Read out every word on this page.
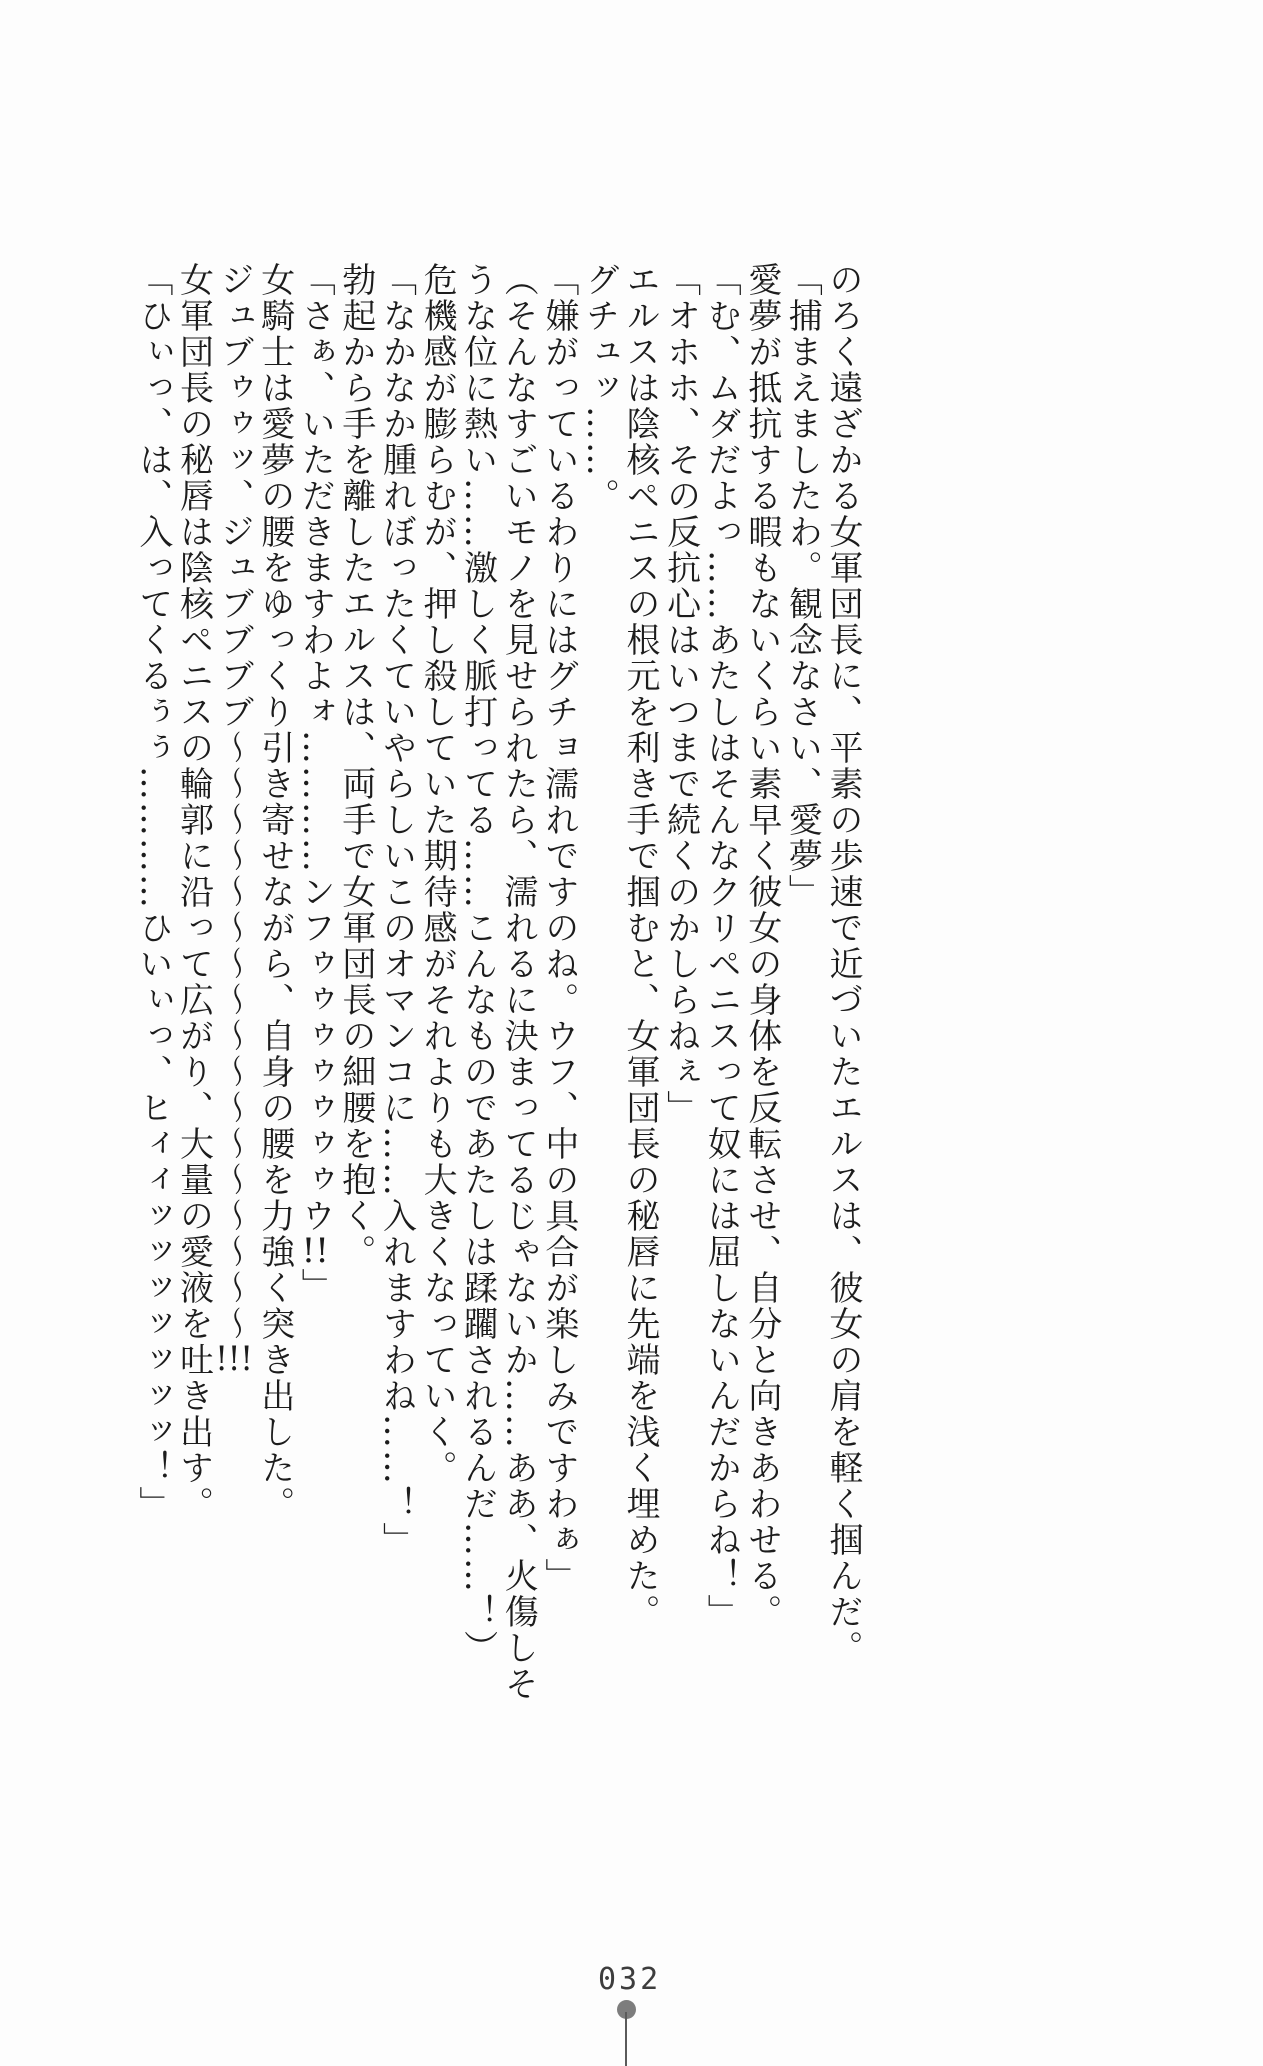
のろく遠ざかる女軍団長に、平素の歩速で近づいたエルスは、彼女の肩を軽く掴んだ。

「捕まえましたわ。観念なさい、愛夢」

愛夢が抵抗する暇もないくらい素早く彼女の身体を反転させ、自分と向きあわせる。

「む、ムダだよっ……あたしはそんなクリペニスって奴には屈しないんだからね！」

「オホホ、その反抗心はいつまで続くのかしらねぇ」

エルスは陰核ペニスの根元を利き手で掴むと、女軍団長の秘唇に先端を浅く埋めた。

グチュッ……。

「嫌がっているわりにはグチョ濡れですのね。ウフ、中の具合が楽しみですわぁ」

（そんなすごいモノを見せられたら、濡れるに決まってるじゃないか……ああ、火傷しそ

うな位に熱い……激しく脈打ってる……こんなものであたしは蹂躙されるんだ……！）

危機感が膨らむが、押し殺していた期待感がそれよりも大きくなっていく。

「なかなか腫れぼったくていやらしいこのオマンコに……入れますわね……！」

勃起から手を離したエルスは、両手で女軍団長の細腰を抱く。

「さぁ、いただきますわよォ…………ンフゥゥゥゥゥゥゥウ!!」

女騎士は愛夢の腰をゆっくり引き寄せながら、自身の腰を力強く突き出した。

ジュブゥゥッ、ジュブブブブ〜〜〜〜〜〜〜〜〜〜〜〜〜〜〜〜〜!!!

女軍団長の秘唇は陰核ペニスの輪郭に沿って広がり、大量の愛液を吐き出す。

「ひぃっ、は、入ってくるぅぅ…………ひいぃっ、ヒィィッッッッッッッ！」

032
